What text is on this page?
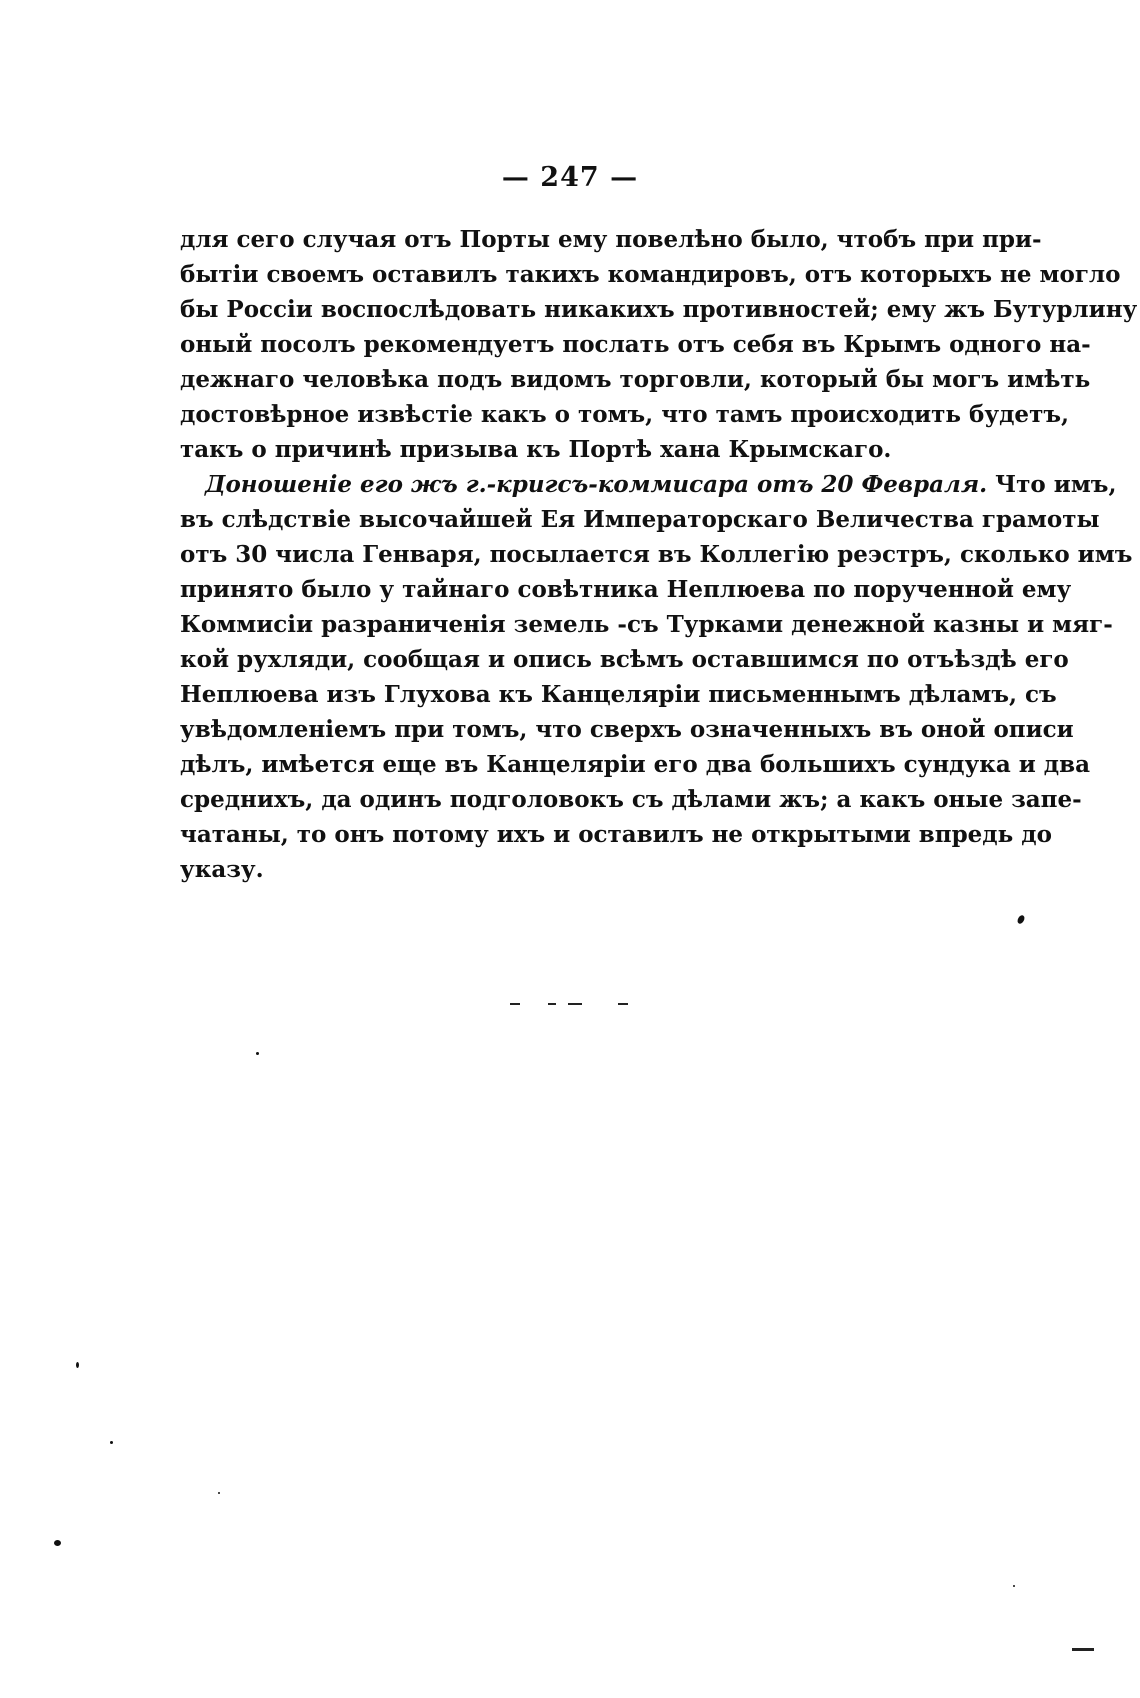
— 247 —
для сего случая отъ Порты ему повелѣно было, чтобъ при при-
бытіи своемъ оставилъ такихъ командировъ, отъ которыхъ не могло
бы Россіи воспослѣдовать никакихъ противностей; ему жъ Бутурлину
оный посолъ рекомендуетъ послать отъ себя въ Крымъ одного на-
дежнаго человѣка подъ видомъ торговли, который бы могъ имѣть
достовѣрное извѣстіе какъ о томъ, что тамъ происходить будетъ,
такъ о причинѣ призыва къ Портѣ хана Крымскаго.
Доношеніе его жъ г.-кригсъ-коммисара отъ 20 Февраля. Что имъ,
въ слѣдствіе высочайшей Ея Императорскаго Величества грамоты
отъ 30 числа Генваря, посылается въ Коллегію реэстръ, сколько имъ
принято было у тайнаго совѣтника Неплюева по порученной ему
Коммисіи разраниченія земель -съ Турками денежной казны и мяг-
кой рухляди, сообщая и опись всѣмъ оставшимся по отъѣздѣ его
Неплюева изъ Глухова къ Канцеляріи письменнымъ дѣламъ, съ
увѣдомленіемъ при томъ, что сверхъ означенныхъ въ оной описи
дѣлъ, имѣется еще въ Канцеляріи его два большихъ сундука и два
среднихъ, да одинъ подголовокъ съ дѣлами жъ; а какъ оные запе-
чатаны, то онъ потому ихъ и оставилъ не открытыми впредь до
указу.
